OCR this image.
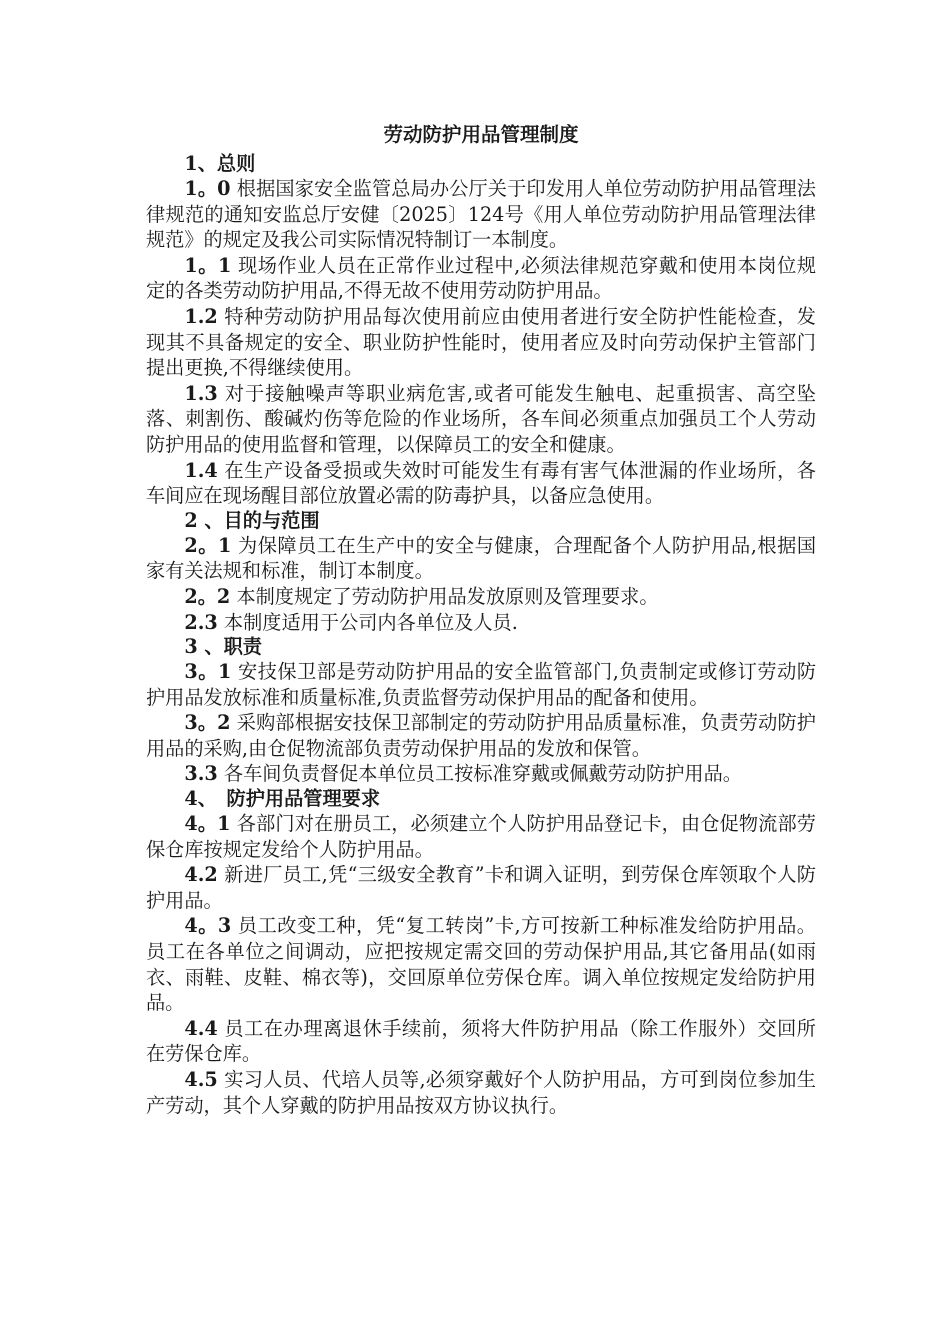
劳动防护用品管理制度
1、总则

1。0 根据国家安全监管总局办公厅关于印发用人单位劳动防护用品管理法律规范的通知安监总厅安健〔2025〕124号《用人单位劳动防护用品管理法律规范》的规定及我公司实际情况特制订一本制度。

1。1 现场作业人员在正常作业过程中,必须法律规范穿戴和使用本岗位规定的各类劳动防护用品,不得无故不使用劳动防护用品。

1.2 特种劳动防护用品每次使用前应由使用者进行安全防护性能检查，发现其不具备规定的安全、职业防护性能时，使用者应及时向劳动保护主管部门提出更换,不得继续使用。

1.3 对于接触噪声等职业病危害,或者可能发生触电、起重损害、高空坠落、刺割伤、酸碱灼伤等危险的作业场所，各车间必须重点加强员工个人劳动防护用品的使用监督和管理，以保障员工的安全和健康。

1.4 在生产设备受损或失效时可能发生有毒有害气体泄漏的作业场所，各车间应在现场醒目部位放置必需的防毒护具，以备应急使用。

2 、目的与范围

2。1 为保障员工在生产中的安全与健康，合理配备个人防护用品,根据国家有关法规和标准，制订本制度。

2。2 本制度规定了劳动防护用品发放原则及管理要求。

2.3 本制度适用于公司内各单位及人员.

3 、职责

3。1 安技保卫部是劳动防护用品的安全监管部门,负责制定或修订劳动防护用品发放标准和质量标准,负责监督劳动保护用品的配备和使用。

3。2 采购部根据安技保卫部制定的劳动防护用品质量标准，负责劳动防护用品的采购,由仓促物流部负责劳动保护用品的发放和保管。

3.3 各车间负责督促本单位员工按标准穿戴或佩戴劳动防护用品。

4、　防护用品管理要求

4。1 各部门对在册员工，必须建立个人防护用品登记卡，由仓促物流部劳保仓库按规定发给个人防护用品。

4.2 新进厂员工,凭“三级安全教育”卡和调入证明，到劳保仓库领取个人防护用品。

4。3 员工改变工种，凭“复工转岗”卡,方可按新工种标准发给防护用品。员工在各单位之间调动，应把按规定需交回的劳动保护用品,其它备用品(如雨衣、雨鞋、皮鞋、棉衣等)，交回原单位劳保仓库。调入单位按规定发给防护用品。

4.4 员工在办理离退休手续前，须将大件防护用品（除工作服外）交回所在劳保仓库。

4.5 实习人员、代培人员等,必须穿戴好个人防护用品，方可到岗位参加生产劳动，其个人穿戴的防护用品按双方协议执行。
